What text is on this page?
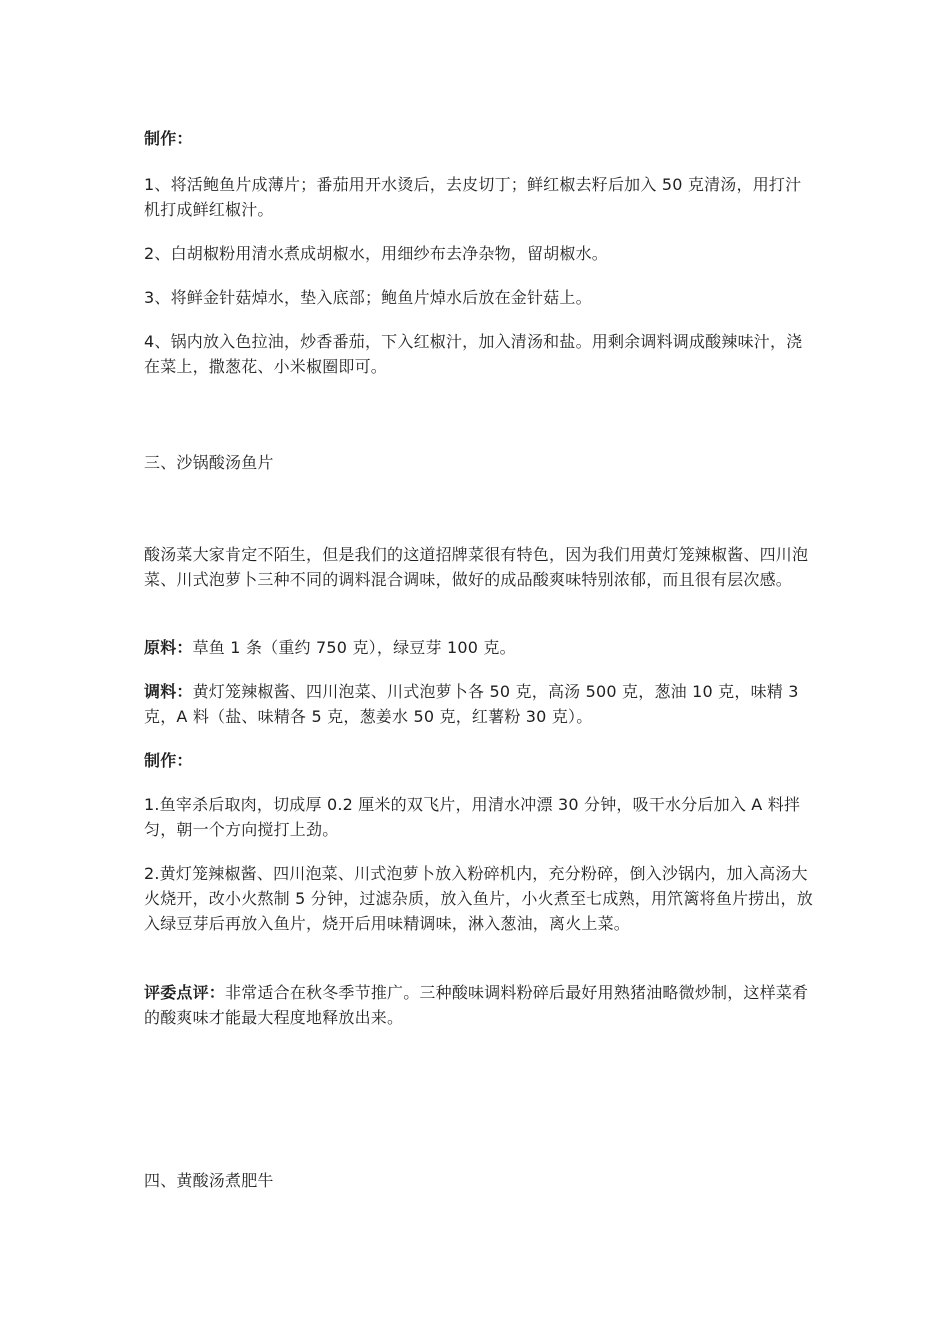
制作：

1、将活鲍鱼片成薄片；番茄用开水烫后，去皮切丁；鲜红椒去籽后加入 50 克清汤，用打汁机打成鲜红椒汁。

2、白胡椒粉用清水煮成胡椒水，用细纱布去净杂物，留胡椒水。

3、将鲜金针菇焯水，垫入底部；鲍鱼片焯水后放在金针菇上。

4、锅内放入色拉油，炒香番茄，下入红椒汁，加入清汤和盐。用剩余调料调成酸辣味汁，浇在菜上，撒葱花、小米椒圈即可。

三、沙锅酸汤鱼片

酸汤菜大家肯定不陌生，但是我们的这道招牌菜很有特色，因为我们用黄灯笼辣椒酱、四川泡菜、川式泡萝卜三种不同的调料混合调味，做好的成品酸爽味特别浓郁，而且很有层次感。

原料：草鱼 1 条（重约 750 克），绿豆芽 100 克。

调料：黄灯笼辣椒酱、四川泡菜、川式泡萝卜各 50 克，高汤 500 克，葱油 10 克，味精 3 克，A 料（盐、味精各 5 克，葱姜水 50 克，红薯粉 30 克）。

制作：

1.鱼宰杀后取肉，切成厚 0.2 厘米的双飞片，用清水冲漂 30 分钟，吸干水分后加入 A 料拌匀，朝一个方向搅打上劲。

2.黄灯笼辣椒酱、四川泡菜、川式泡萝卜放入粉碎机内，充分粉碎，倒入沙锅内，加入高汤大火烧开，改小火熬制 5 分钟，过滤杂质，放入鱼片，小火煮至七成熟，用笊篱将鱼片捞出，放入绿豆芽后再放入鱼片，烧开后用味精调味，淋入葱油，离火上菜。

评委点评：非常适合在秋冬季节推广。三种酸味调料粉碎后最好用熟猪油略微炒制，这样菜肴的酸爽味才能最大程度地释放出来。

四、黄酸汤煮肥牛
